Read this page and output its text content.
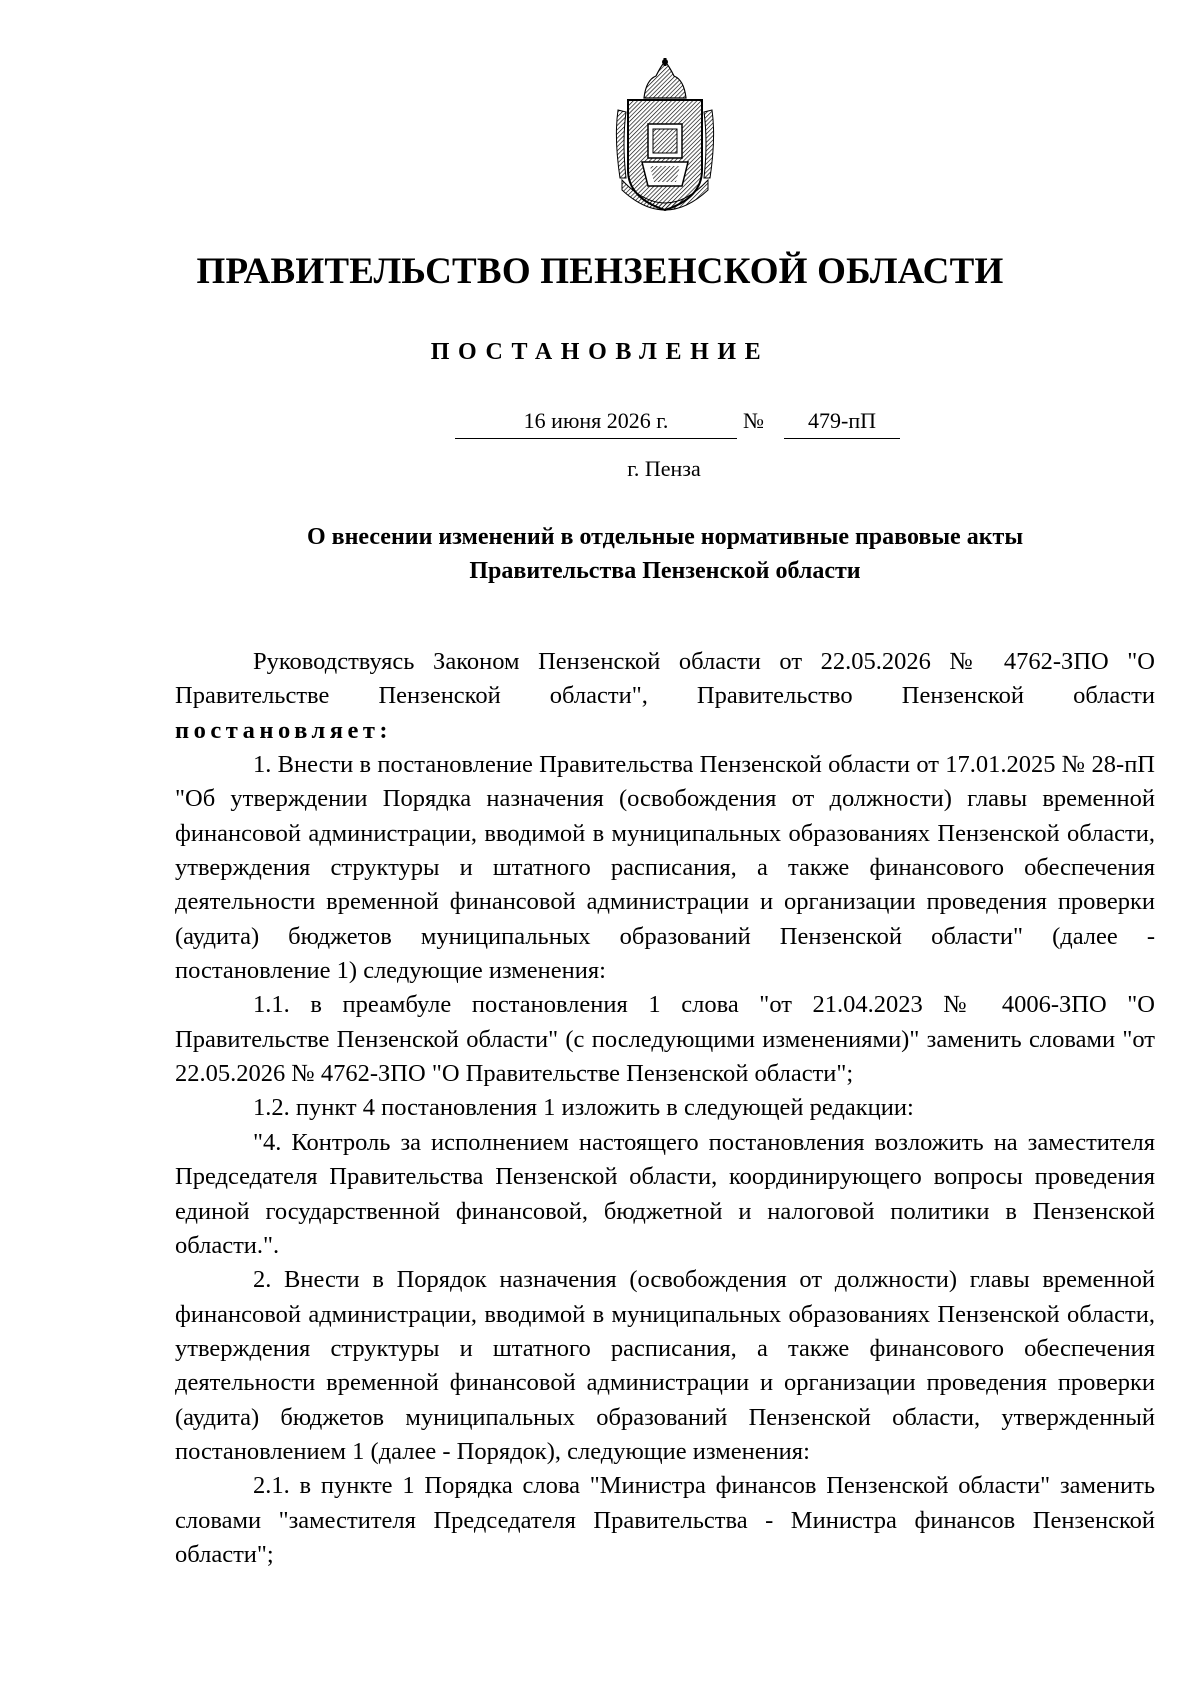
ПРАВИТЕЛЬСТВО ПЕНЗЕНСКОЙ ОБЛАСТИ
ПОСТАНОВЛЕНИЕ
16 июня 2026 г.	№	479-пП
г. Пенза
О внесении изменений в отдельные нормативные правовые акты
Правительства Пензенской области

Руководствуясь Законом Пензенской области от 22.05.2026 № 4762-ЗПО "О Правительстве Пензенской области", Правительство Пензенской области постановляет:

1. Внести в постановление Правительства Пензенской области от 17.01.2025 № 28-пП "Об утверждении Порядка назначения (освобождения от должности) главы временной финансовой администрации, вводимой в муниципальных образованиях Пензенской области, утверждения структуры и штатного расписания, а также финансового обеспечения деятельности временной финансовой администрации и организации проведения проверки (аудита) бюджетов муниципальных образований Пензенской области" (далее - постановление 1) следующие изменения:

1.1. в преамбуле постановления 1 слова "от 21.04.2023 № 4006-ЗПО "О Правительстве Пензенской области" (с последующими изменениями)" заменить словами "от 22.05.2026 № 4762-ЗПО "О Правительстве Пензенской области";

1.2. пункт 4 постановления 1 изложить в следующей редакции:

"4. Контроль за исполнением настоящего постановления возложить на заместителя Председателя Правительства Пензенской области, координирующего вопросы проведения единой государственной финансовой, бюджетной и налоговой политики в Пензенской области.".

2. Внести в Порядок назначения (освобождения от должности) главы временной финансовой администрации, вводимой в муниципальных образованиях Пензенской области, утверждения структуры и штатного расписания, а также финансового обеспечения деятельности временной финансовой администрации и организации проведения проверки (аудита) бюджетов муниципальных образований Пензенской области, утвержденный постановлением 1 (далее - Порядок), следующие изменения:

2.1. в пункте 1 Порядка слова "Министра финансов Пензенской области" заменить словами "заместителя Председателя Правительства - Министра финансов Пензенской области";
